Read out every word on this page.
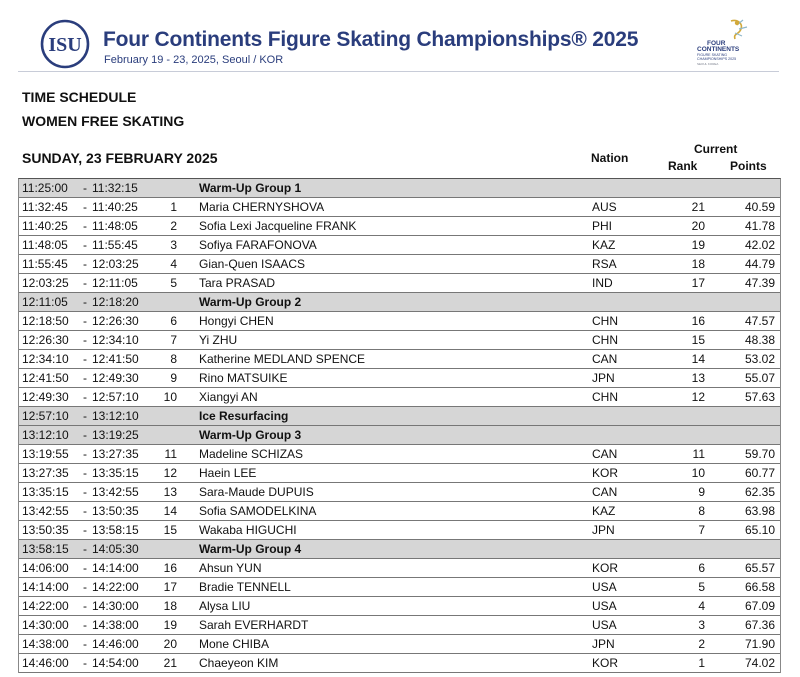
ISU Four Continents Figure Skating Championships® 2025
February 19 - 23, 2025, Seoul / KOR
FOUR
CONTINENTS
FIGURE SKATING
CHAMPIONSHIPS 2025
SEOUL KOREA
TIME SCHEDULE
WOMEN FREE SKATING
SUNDAY, 23 FEBRUARY 2025	Nation
Current
Rank	Points
11:25:00 - 11:32:15	Warm-Up Group 1
11:32:45 - 11:40:25	1 Maria CHERNYSHOVA	AUS	21	40.59
11:40:25 - 11:48:05	2 Sofia Lexi Jacqueline FRANK	PHI	20	41.78
11:48:05 - 11:55:45	3 Sofiya FARAFONOVA	KAZ	19	42.02
11:55:45 - 12:03:25	4 Gian-Quen ISAACS	RSA	18	44.79
12:03:25 - 12:11:05	5 Tara PRASAD	IND	17	47.39
12:11:05 - 12:18:20	Warm-Up Group 2
12:18:50 - 12:26:30	6 Hongyi CHEN	CHN	16	47.57
12:26:30 - 12:34:10	7 Yi ZHU	CHN	15	48.38
12:34:10 - 12:41:50	8 Katherine MEDLAND SPENCE	CAN	14	53.02
12:41:50 - 12:49:30	9 Rino MATSUIKE	JPN	13	55.07
12:49:30 - 12:57:10	10 Xiangyi AN	CHN	12	57.63
12:57:10 - 13:12:10	Ice Resurfacing
13:12:10 - 13:19:25	Warm-Up Group 3
13:19:55 - 13:27:35	11 Madeline SCHIZAS	CAN	11	59.70
13:27:35 - 13:35:15	12 Haein LEE	KOR	10	60.77
13:35:15 - 13:42:55	13 Sara-Maude DUPUIS	CAN	9	62.35
13:42:55 - 13:50:35	14 Sofia SAMODELKINA	KAZ	8	63.98
13:50:35 - 13:58:15	15 Wakaba HIGUCHI	JPN	7	65.10
13:58:15 - 14:05:30	Warm-Up Group 4
14:06:00 - 14:14:00	16 Ahsun YUN	KOR	6	65.57
14:14:00 - 14:22:00	17 Bradie TENNELL	USA	5	66.58
14:22:00 - 14:30:00	18 Alysa LIU	USA	4	67.09
14:30:00 - 14:38:00	19 Sarah EVERHARDT	USA	3	67.36
14:38:00 - 14:46:00	20 Mone CHIBA	JPN	2	71.90
14:46:00 - 14:54:00	21 Chaeyeon KIM	KOR	1	74.02
